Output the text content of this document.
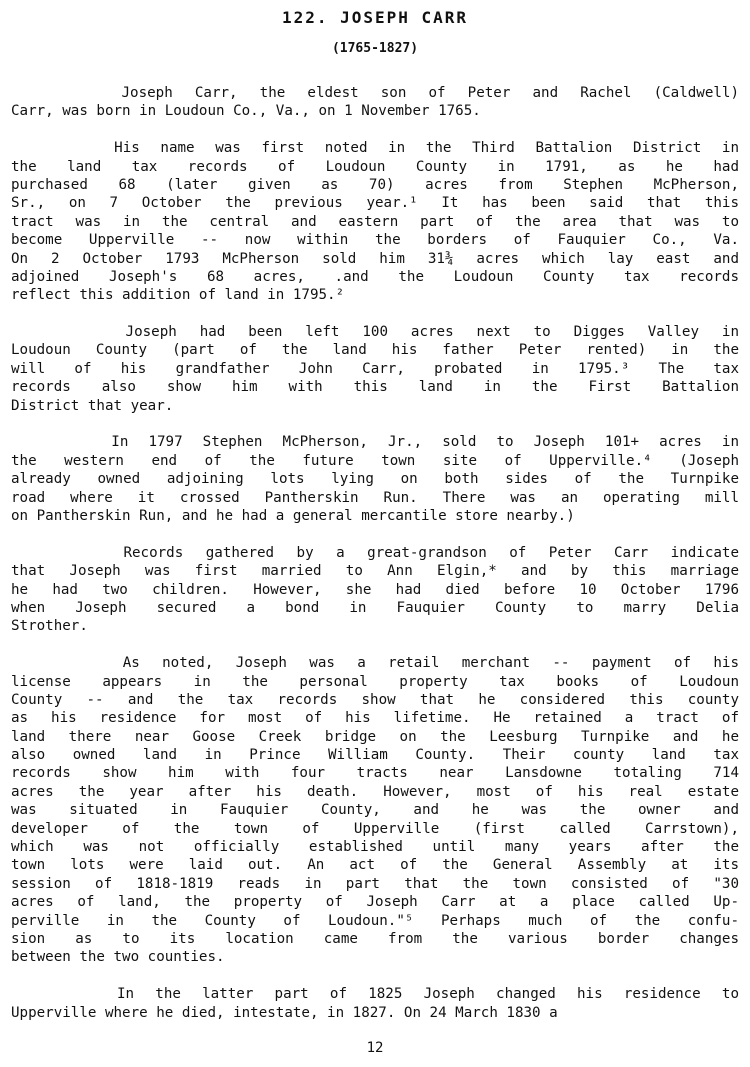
122. JOSEPH CARR
(1765-1827)
Joseph Carr, the eldest son of Peter and Rachel (Caldwell)
Carr, was born in Loudoun Co., Va., on 1 November 1765.
His name was first noted in the Third Battalion District in
the land tax records of Loudoun County in 1791, as he had
purchased 68 (later given as 70) acres from Stephen McPherson,
Sr., on 7 October the previous year.¹ It has been said that this
tract was in the central and eastern part of the area that was to
become Upperville -- now within the borders of Fauquier Co., Va.
On 2 October 1793 McPherson sold him 31¾ acres which lay east and
adjoined Joseph's 68 acres, .and the Loudoun County tax records
reflect this addition of land in 1795.²
Joseph had been left 100 acres next to Digges Valley in
Loudoun County (part of the land his father Peter rented) in the
will of his grandfather John Carr, probated in 1795.³ The tax
records also show him with this land in the First Battalion
District that year.
In 1797 Stephen McPherson, Jr., sold to Joseph 101+ acres in
the western end of the future town site of Upperville.⁴ (Joseph
already owned adjoining lots lying on both sides of the Turnpike
road where it crossed Pantherskin Run. There was an operating mill
on Pantherskin Run, and he had a general mercantile store nearby.)
Records gathered by a great-grandson of Peter Carr indicate
that Joseph was first married to Ann Elgin,* and by this marriage
he had two children. However, she had died before 10 October 1796
when Joseph secured a bond in Fauquier County to marry Delia
Strother.
As noted, Joseph was a retail merchant -- payment of his
license appears in the personal property tax books of Loudoun
County -- and the tax records show that he considered this county
as his residence for most of his lifetime. He retained a tract of
land there near Goose Creek bridge on the Leesburg Turnpike and he
also owned land in Prince William County. Their county land tax
records show him with four tracts near Lansdowne totaling 714
acres the year after his death. However, most of his real estate
was situated in Fauquier County, and he was the owner and
developer of the town of Upperville (first called Carrstown),
which was not officially established until many years after the
town lots were laid out. An act of the General Assembly at its
session of 1818-1819 reads in part that the town consisted of "30
acres of land, the property of Joseph Carr at a place called Up-
perville in the County of Loudoun."⁵ Perhaps much of the confu-
sion as to its location came from the various border changes
between the two counties.
In the latter part of 1825 Joseph changed his residence to
Upperville where he died, intestate, in 1827. On 24 March 1830 a
12
